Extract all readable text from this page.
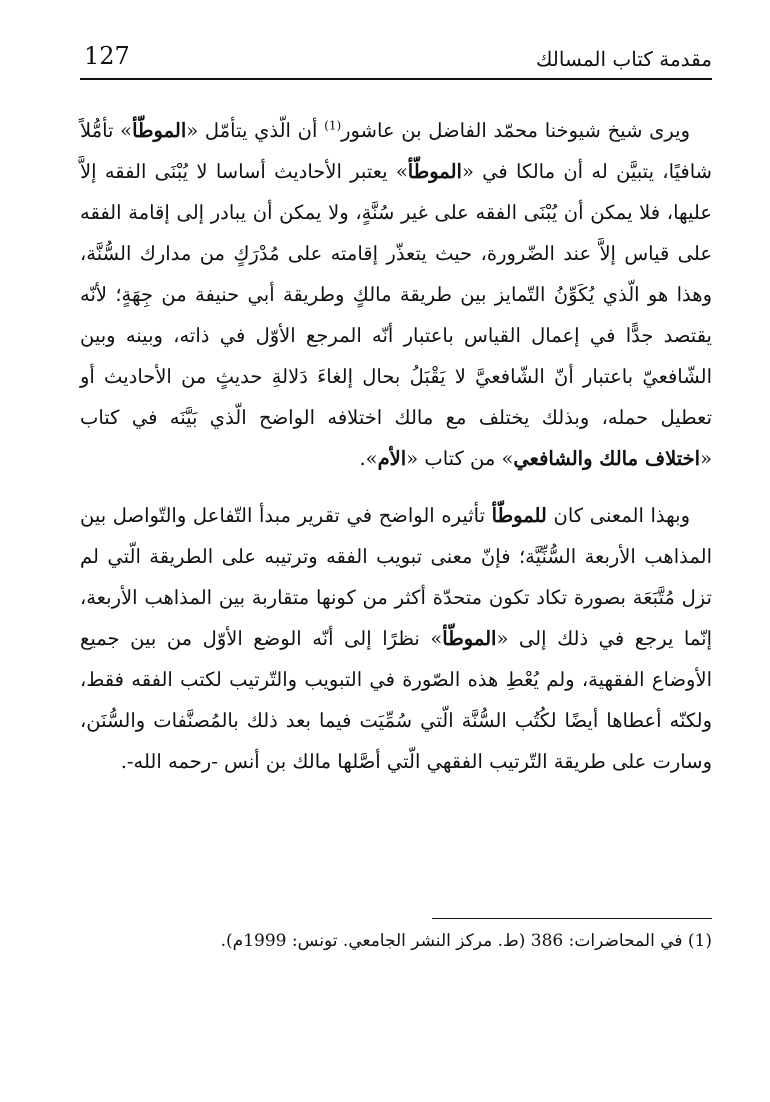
127	مقدمة كتاب المسالك

ويرى شيخ شيوخنا محمّد الفاضل بن عاشور$^{(1)}$ أن الّذي يتأمّل «الموطّأ» تأمُّلاً شافيًا، يتبيَّن له أن مالكا في «الموطّأ» يعتبر الأحاديث أساسا لا يُبْنَى الفقه إلاَّ عليها، فلا يمكن أن يُبْنَى الفقه على غير سُنَّةٍ، ولا يمكن أن يبادر إلى إقامة الفقه على قياس إلاَّ عند الضّرورة، حيث يتعذّر إقامته على مُدْرَكٍ من مدارك السُّنَّة، وهذا هو الّذي يُكَوِّنُ التّمايز بين طريقة مالكٍ وطريقة أبي حنيفة من جِهَةٍ؛ لأنّه يقتصد جدًّا في إعمال القياس باعتبار أنّه المرجع الأوّل في ذاته، وبينه وبين الشّافعيّ باعتبار أنّ الشّافعيَّ لا يَقْبَلُ بحال إلغاءَ دَلالةِ حديثٍ من الأحاديث أو تعطيل حمله، وبذلك يختلف مع مالك اختلافه الواضح الّذي بَيَّنَه في كتاب «اختلاف مالك والشافعي» من كتاب «الأم».

وبهذا المعنى كان للموطّأ تأثيره الواضح في تقرير مبدأ التّفاعل والتّواصل بين المذاهب الأربعة السُّنِّيَّة؛ فإنّ معنى تبويب الفقه وترتيبه على الطريقة الّتي لم تزل مُتَّبَعَة بصورة تكاد تكون متحدّة أكثر من كونها متقاربة بين المذاهب الأربعة، إنّما يرجع في ذلك إلى «الموطّأ» نظرًا إلى أنّه الوضع الأوّل من بين جميع الأوضاع الفقهية، ولم يُعْطِ هذه الصّورة في التبويب والتّرتيب لكتب الفقه فقط، ولكنّه أعطاها أيضًا لكُتُب السُّنَّة الّتي سُمِّيَت فيما بعد ذلك بالمُصنَّفات والسُّنَن، وسارت على طريقة التّرتيب الفقهي الّتي أصَّلها مالك بن أنس -رحمه الله-.

(1) في المحاضرات: 386 (ط. مركز النشر الجامعي. تونس: 1999م).
